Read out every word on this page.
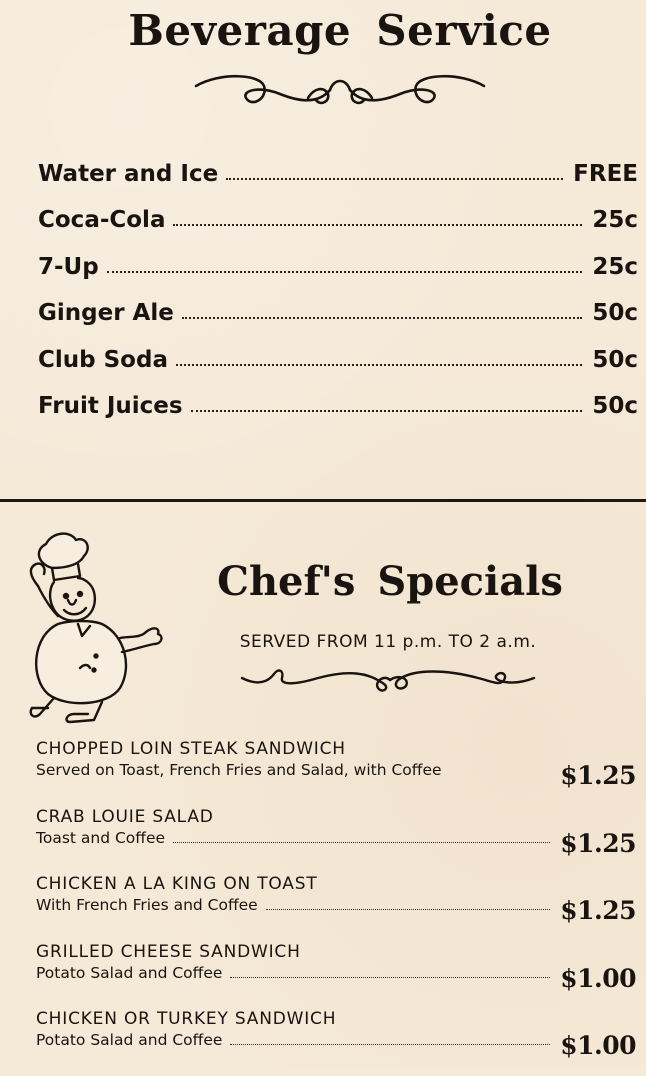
Beverage Service
Water and Ice	FREE
Coca-Cola	25c
7-Up	25c
Ginger Ale	50c
Club Soda	50c
Fruit Juices	50c
Chef's Specials
SERVED FROM 11 p.m. TO 2 a.m.
CHOPPED LOIN STEAK SANDWICH
Served on Toast, French Fries and Salad, with Coffee	$1.25
CRAB LOUIE SALAD
Toast and Coffee	$1.25
CHICKEN A LA KING ON TOAST
With French Fries and Coffee	$1.25
GRILLED CHEESE SANDWICH
Potato Salad and Coffee	$1.00
CHICKEN OR TURKEY SANDWICH
Potato Salad and Coffee	$1.00
